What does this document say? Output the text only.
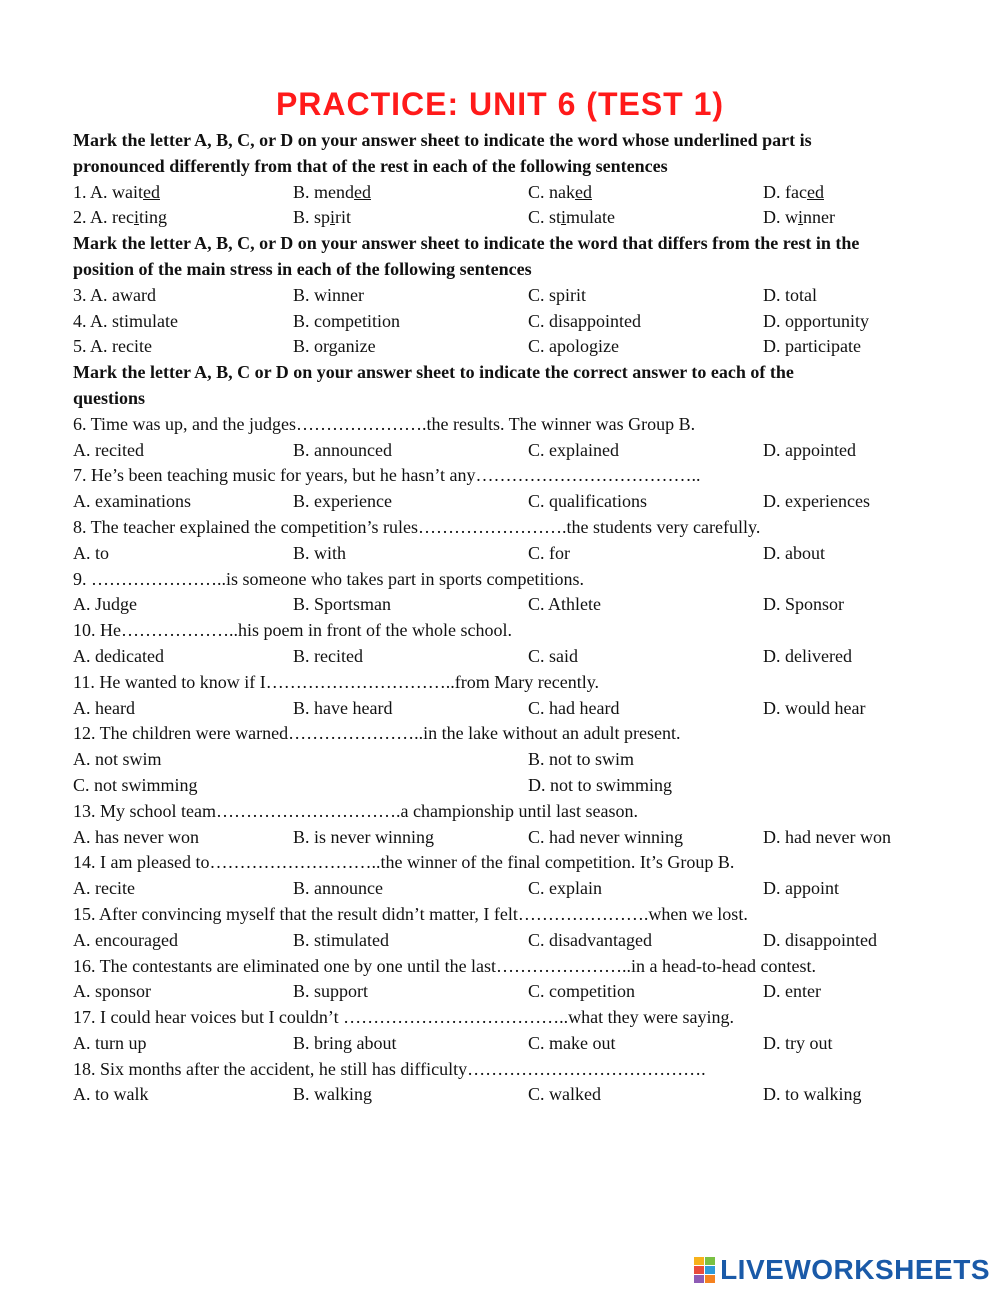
PRACTICE: UNIT 6 (TEST 1)
Mark the letter A, B, C, or D on your answer sheet to indicate the word whose underlined part is
pronounced differently from that of the rest in each of the following sentences
1. A. waited	B. mended	C. naked	D. faced
2. A. reciting	B. spirit	C. stimulate	D. winner
Mark the letter A, B, C, or D on your answer sheet to indicate the word that differs from the rest in the
position of the main stress in each of the following sentences
3. A. award	B. winner	C. spirit	D. total
4. A. stimulate	B. competition	C. disappointed	D. opportunity
5. A. recite	B. organize	C. apologize	D. participate
Mark the letter A, B, C or D on your answer sheet to indicate the correct answer to each of the
questions
6. Time was up, and the judges………………….the results. The winner was Group B.
A. recited	B. announced	C. explained	D. appointed
7. He’s been teaching music for years, but he hasn’t any………………………………..
A. examinations	B. experience	C. qualifications	D. experiences
8. The teacher explained the competition’s rules…………………….the students very carefully.
A. to	B. with	C. for	D. about
9. …………………..is someone who takes part in sports competitions.
A. Judge	B. Sportsman	C. Athlete	D. Sponsor
10. He………………..his poem in front of the whole school.
A. dedicated	B. recited	C. said	D. delivered
11. He wanted to know if I…………………………..from Mary recently.
A. heard	B. have heard	C. had heard	D. would hear
12. The children were warned…………………..in the lake without an adult present.
A. not swim	B. not to swim
C. not swimming	D. not to swimming
13. My school team………………………….a championship until last season.
A. has never won	B. is never winning	C. had never winning	D. had never won
14. I am pleased to………………………..the winner of the final competition. It’s Group B.
A. recite	B. announce	C. explain	D. appoint
15. After convincing myself that the result didn’t matter, I felt………………….when we lost.
A. encouraged	B. stimulated	C. disadvantaged	D. disappointed
16. The contestants are eliminated one by one until the last…………………..in a head-to-head contest.
A. sponsor	B. support	C. competition	D. enter
17. I could hear voices but I couldn’t ………………………………..what they were saying.
A. turn up	B. bring about	C. make out	D. try out
18. Six months after the accident, he still has difficulty………………………………….
A. to walk	B. walking	C. walked	D. to walking
LIVEWORKSHEETS
